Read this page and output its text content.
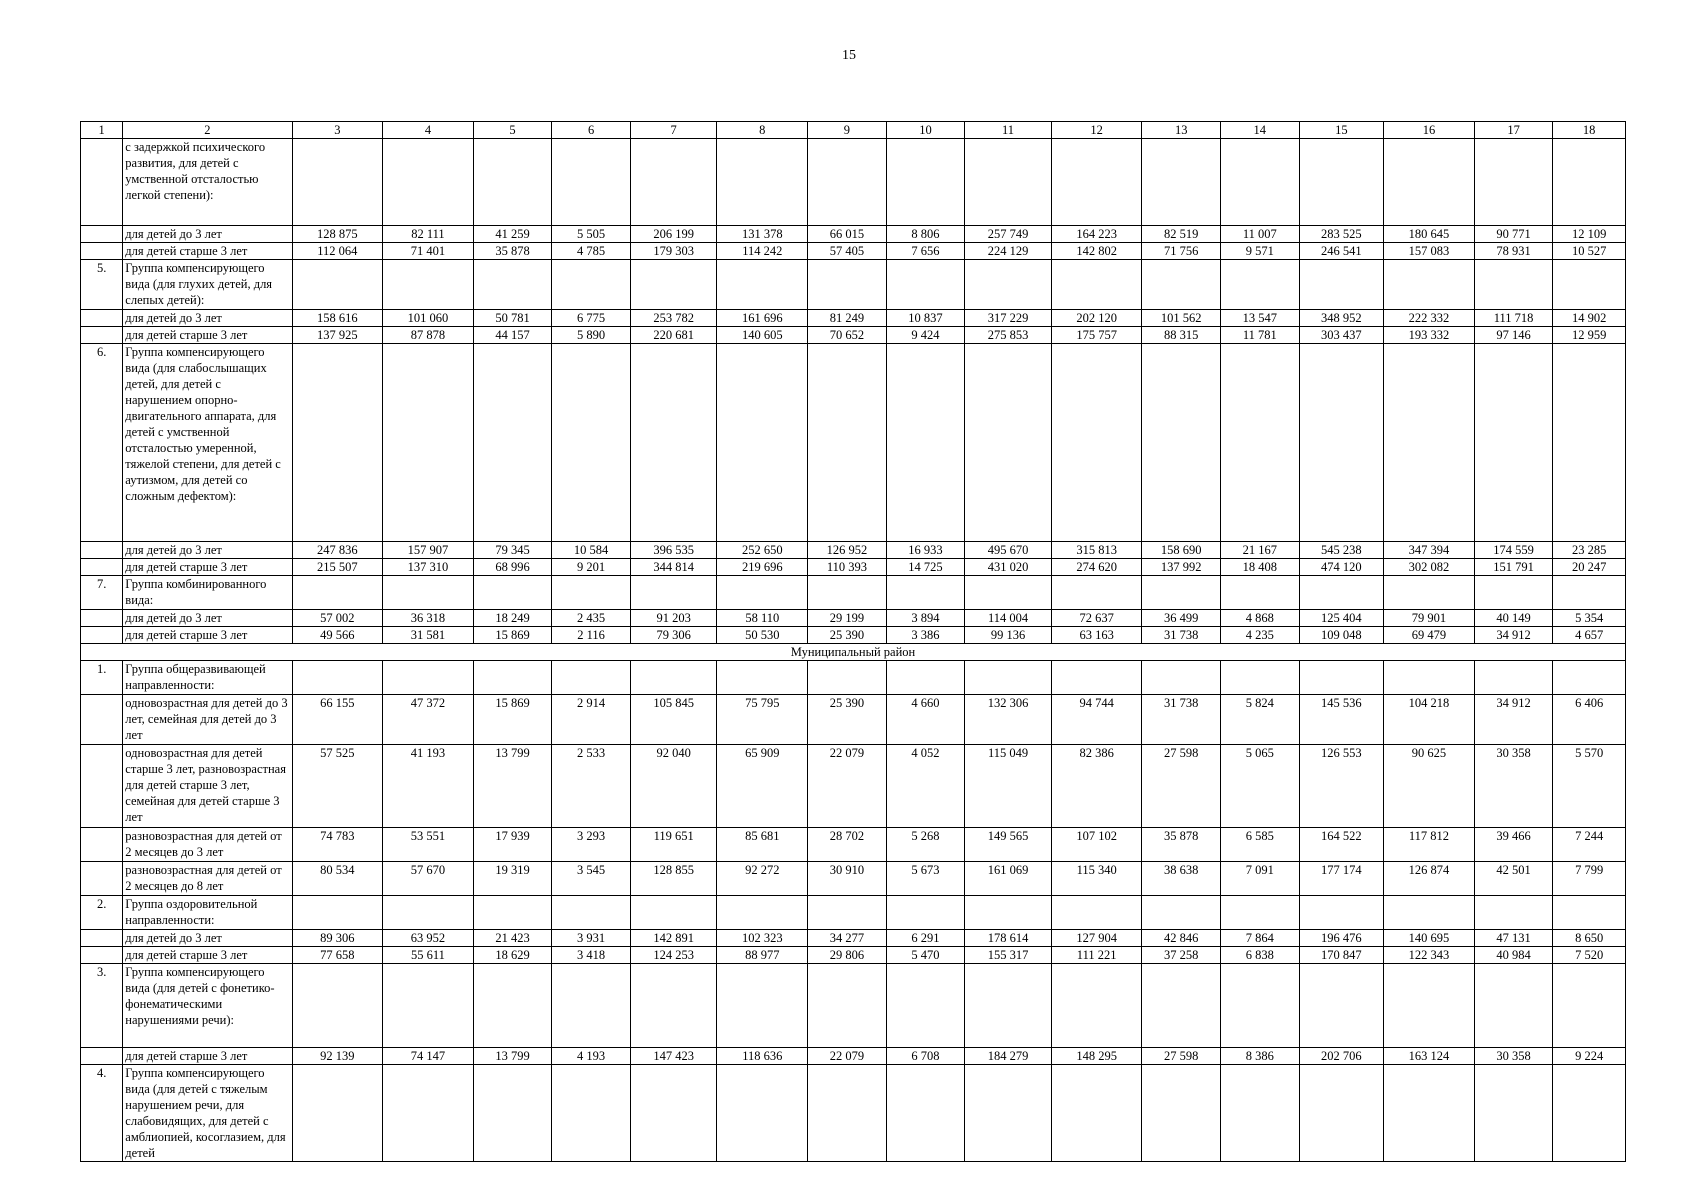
15
1	2	3	4	5	6	7	8	9	10	11	12	13	14	15	16	17	18
	с задержкой психического развития, для детей с умственной отсталостью легкой степени):																
	для детей до 3 лет	128 875	82 111	41 259	5 505	206 199	131 378	66 015	8 806	257 749	164 223	82 519	11 007	283 525	180 645	90 771	12 109
	для детей старше 3 лет	112 064	71 401	35 878	4 785	179 303	114 242	57 405	7 656	224 129	142 802	71 756	9 571	246 541	157 083	78 931	10 527
5.	Группа компенсирующего вида (для глухих детей, для слепых детей):																
	для детей до 3 лет	158 616	101 060	50 781	6 775	253 782	161 696	81 249	10 837	317 229	202 120	101 562	13 547	348 952	222 332	111 718	14 902
	для детей старше 3 лет	137 925	87 878	44 157	5 890	220 681	140 605	70 652	9 424	275 853	175 757	88 315	11 781	303 437	193 332	97 146	12 959
6.	Группа компенсирующего вида (для слабослышащих детей, для детей с нарушением опорно-двигательного аппарата, для детей с умственной отсталостью умеренной, тяжелой степени, для детей с аутизмом, для детей со сложным дефектом):																
	для детей до 3 лет	247 836	157 907	79 345	10 584	396 535	252 650	126 952	16 933	495 670	315 813	158 690	21 167	545 238	347 394	174 559	23 285
	для детей старше 3 лет	215 507	137 310	68 996	9 201	344 814	219 696	110 393	14 725	431 020	274 620	137 992	18 408	474 120	302 082	151 791	20 247
7.	Группа комбинированного вида:																
	для детей до 3 лет	57 002	36 318	18 249	2 435	91 203	58 110	29 199	3 894	114 004	72 637	36 499	4 868	125 404	79 901	40 149	5 354
	для детей старше 3 лет	49 566	31 581	15 869	2 116	79 306	50 530	25 390	3 386	99 136	63 163	31 738	4 235	109 048	69 479	34 912	4 657
Муниципальный район																	
1.	Группа общеразвивающей направленности:																
	одновозрастная для детей до 3 лет, семейная для детей до 3 лет	66 155	47 372	15 869	2 914	105 845	75 795	25 390	4 660	132 306	94 744	31 738	5 824	145 536	104 218	34 912	6 406
	одновозрастная для детей старше 3 лет, разновозрастная для детей старше 3 лет, семейная для детей старше 3 лет	57 525	41 193	13 799	2 533	92 040	65 909	22 079	4 052	115 049	82 386	27 598	5 065	126 553	90 625	30 358	5 570
	разновозрастная для детей от 2 месяцев до 3 лет	74 783	53 551	17 939	3 293	119 651	85 681	28 702	5 268	149 565	107 102	35 878	6 585	164 522	117 812	39 466	7 244
	разновозрастная для детей от 2 месяцев до 8 лет	80 534	57 670	19 319	3 545	128 855	92 272	30 910	5 673	161 069	115 340	38 638	7 091	177 174	126 874	42 501	7 799
2.	Группа оздоровительной направленности:																
	для детей до 3 лет	89 306	63 952	21 423	3 931	142 891	102 323	34 277	6 291	178 614	127 904	42 846	7 864	196 476	140 695	47 131	8 650
	для детей старше 3 лет	77 658	55 611	18 629	3 418	124 253	88 977	29 806	5 470	155 317	111 221	37 258	6 838	170 847	122 343	40 984	7 520
3.	Группа компенсирующего вида (для детей с фонетико-фонематическими нарушениями речи):																
	для детей старше 3 лет	92 139	74 147	13 799	4 193	147 423	118 636	22 079	6 708	184 279	148 295	27 598	8 386	202 706	163 124	30 358	9 224
4.	Группа компенсирующего вида (для детей с тяжелым нарушением речи, для слабовидящих, для детей с амблиопией, косоглазием, для детей																
